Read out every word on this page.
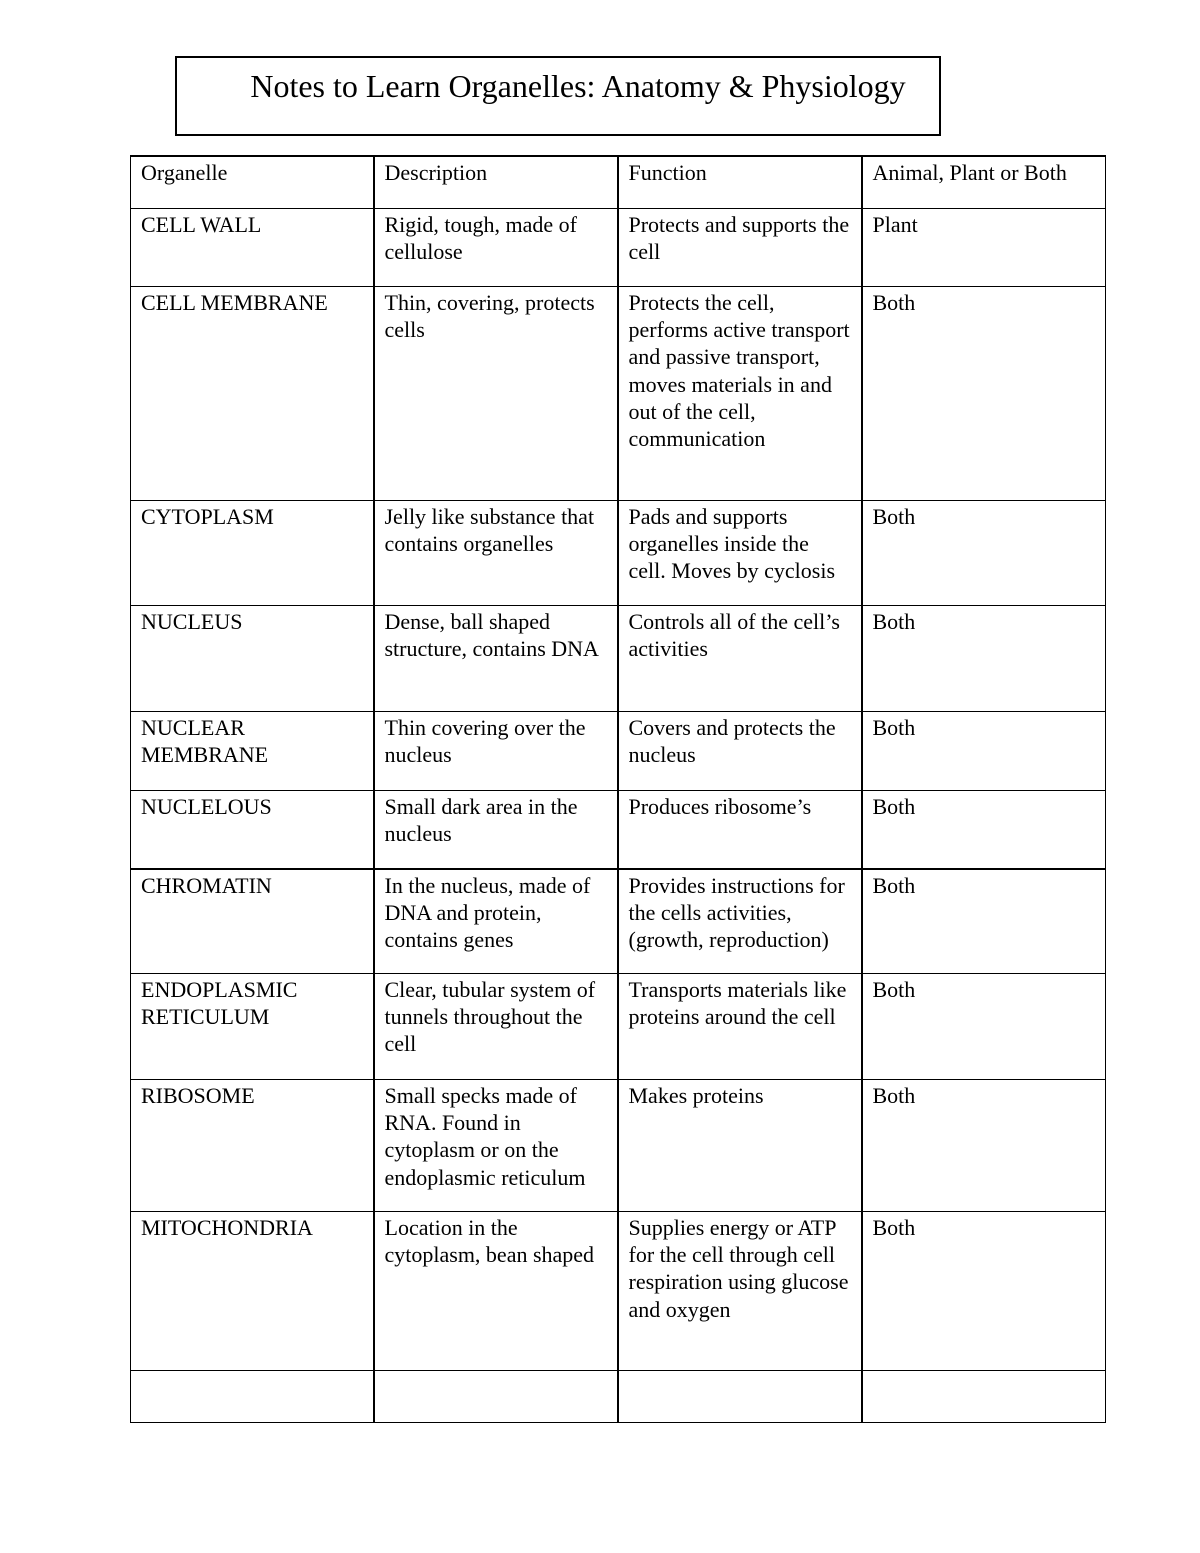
Notes to Learn Organelles: Anatomy & Physiology
Organelle	Description	Function	Animal, Plant or Both
CELL WALL	Rigid, tough, made of cellulose	Protects and supports the cell	Plant
CELL MEMBRANE	Thin, covering, protects cells	Protects the cell, performs active transport and passive transport, moves materials in and out of the cell, communication	Both
CYTOPLASM	Jelly like substance that contains organelles	Pads and supports organelles inside the cell. Moves by cyclosis	Both
NUCLEUS	Dense, ball shaped structure, contains DNA	Controls all of the cell’s activities	Both
NUCLEAR MEMBRANE	Thin covering over the nucleus	Covers and protects the nucleus	Both
NUCLELOUS	Small dark area in the nucleus	Produces ribosome’s	Both
CHROMATIN	In the nucleus, made of DNA and protein, contains genes	Provides instructions for the cells activities, (growth, reproduction)	Both
ENDOPLASMIC RETICULUM	Clear, tubular system of tunnels throughout the cell	Transports materials like proteins around the cell	Both
RIBOSOME	Small specks made of RNA. Found in cytoplasm or on the endoplasmic reticulum	Makes proteins	Both
MITOCHONDRIA	Location in the cytoplasm, bean shaped	Supplies energy or ATP for the cell through cell respiration using glucose and oxygen	Both
